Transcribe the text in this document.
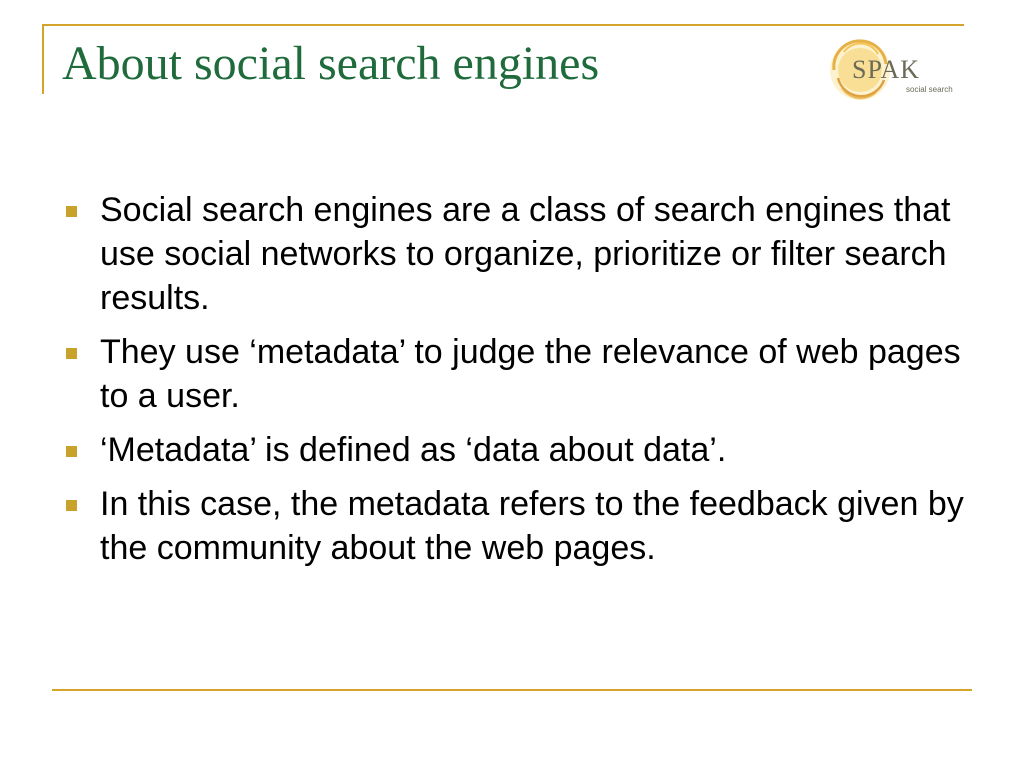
About social search engines	SPAK
social search
Social search engines are a class of search engines that use social networks to organize, prioritize or filter search results.
They use ‘metadata’ to judge the relevance of web pages to a user.
‘Metadata’ is defined as ‘data about data’.
In this case, the metadata refers to the feedback given by the community about the web pages.
